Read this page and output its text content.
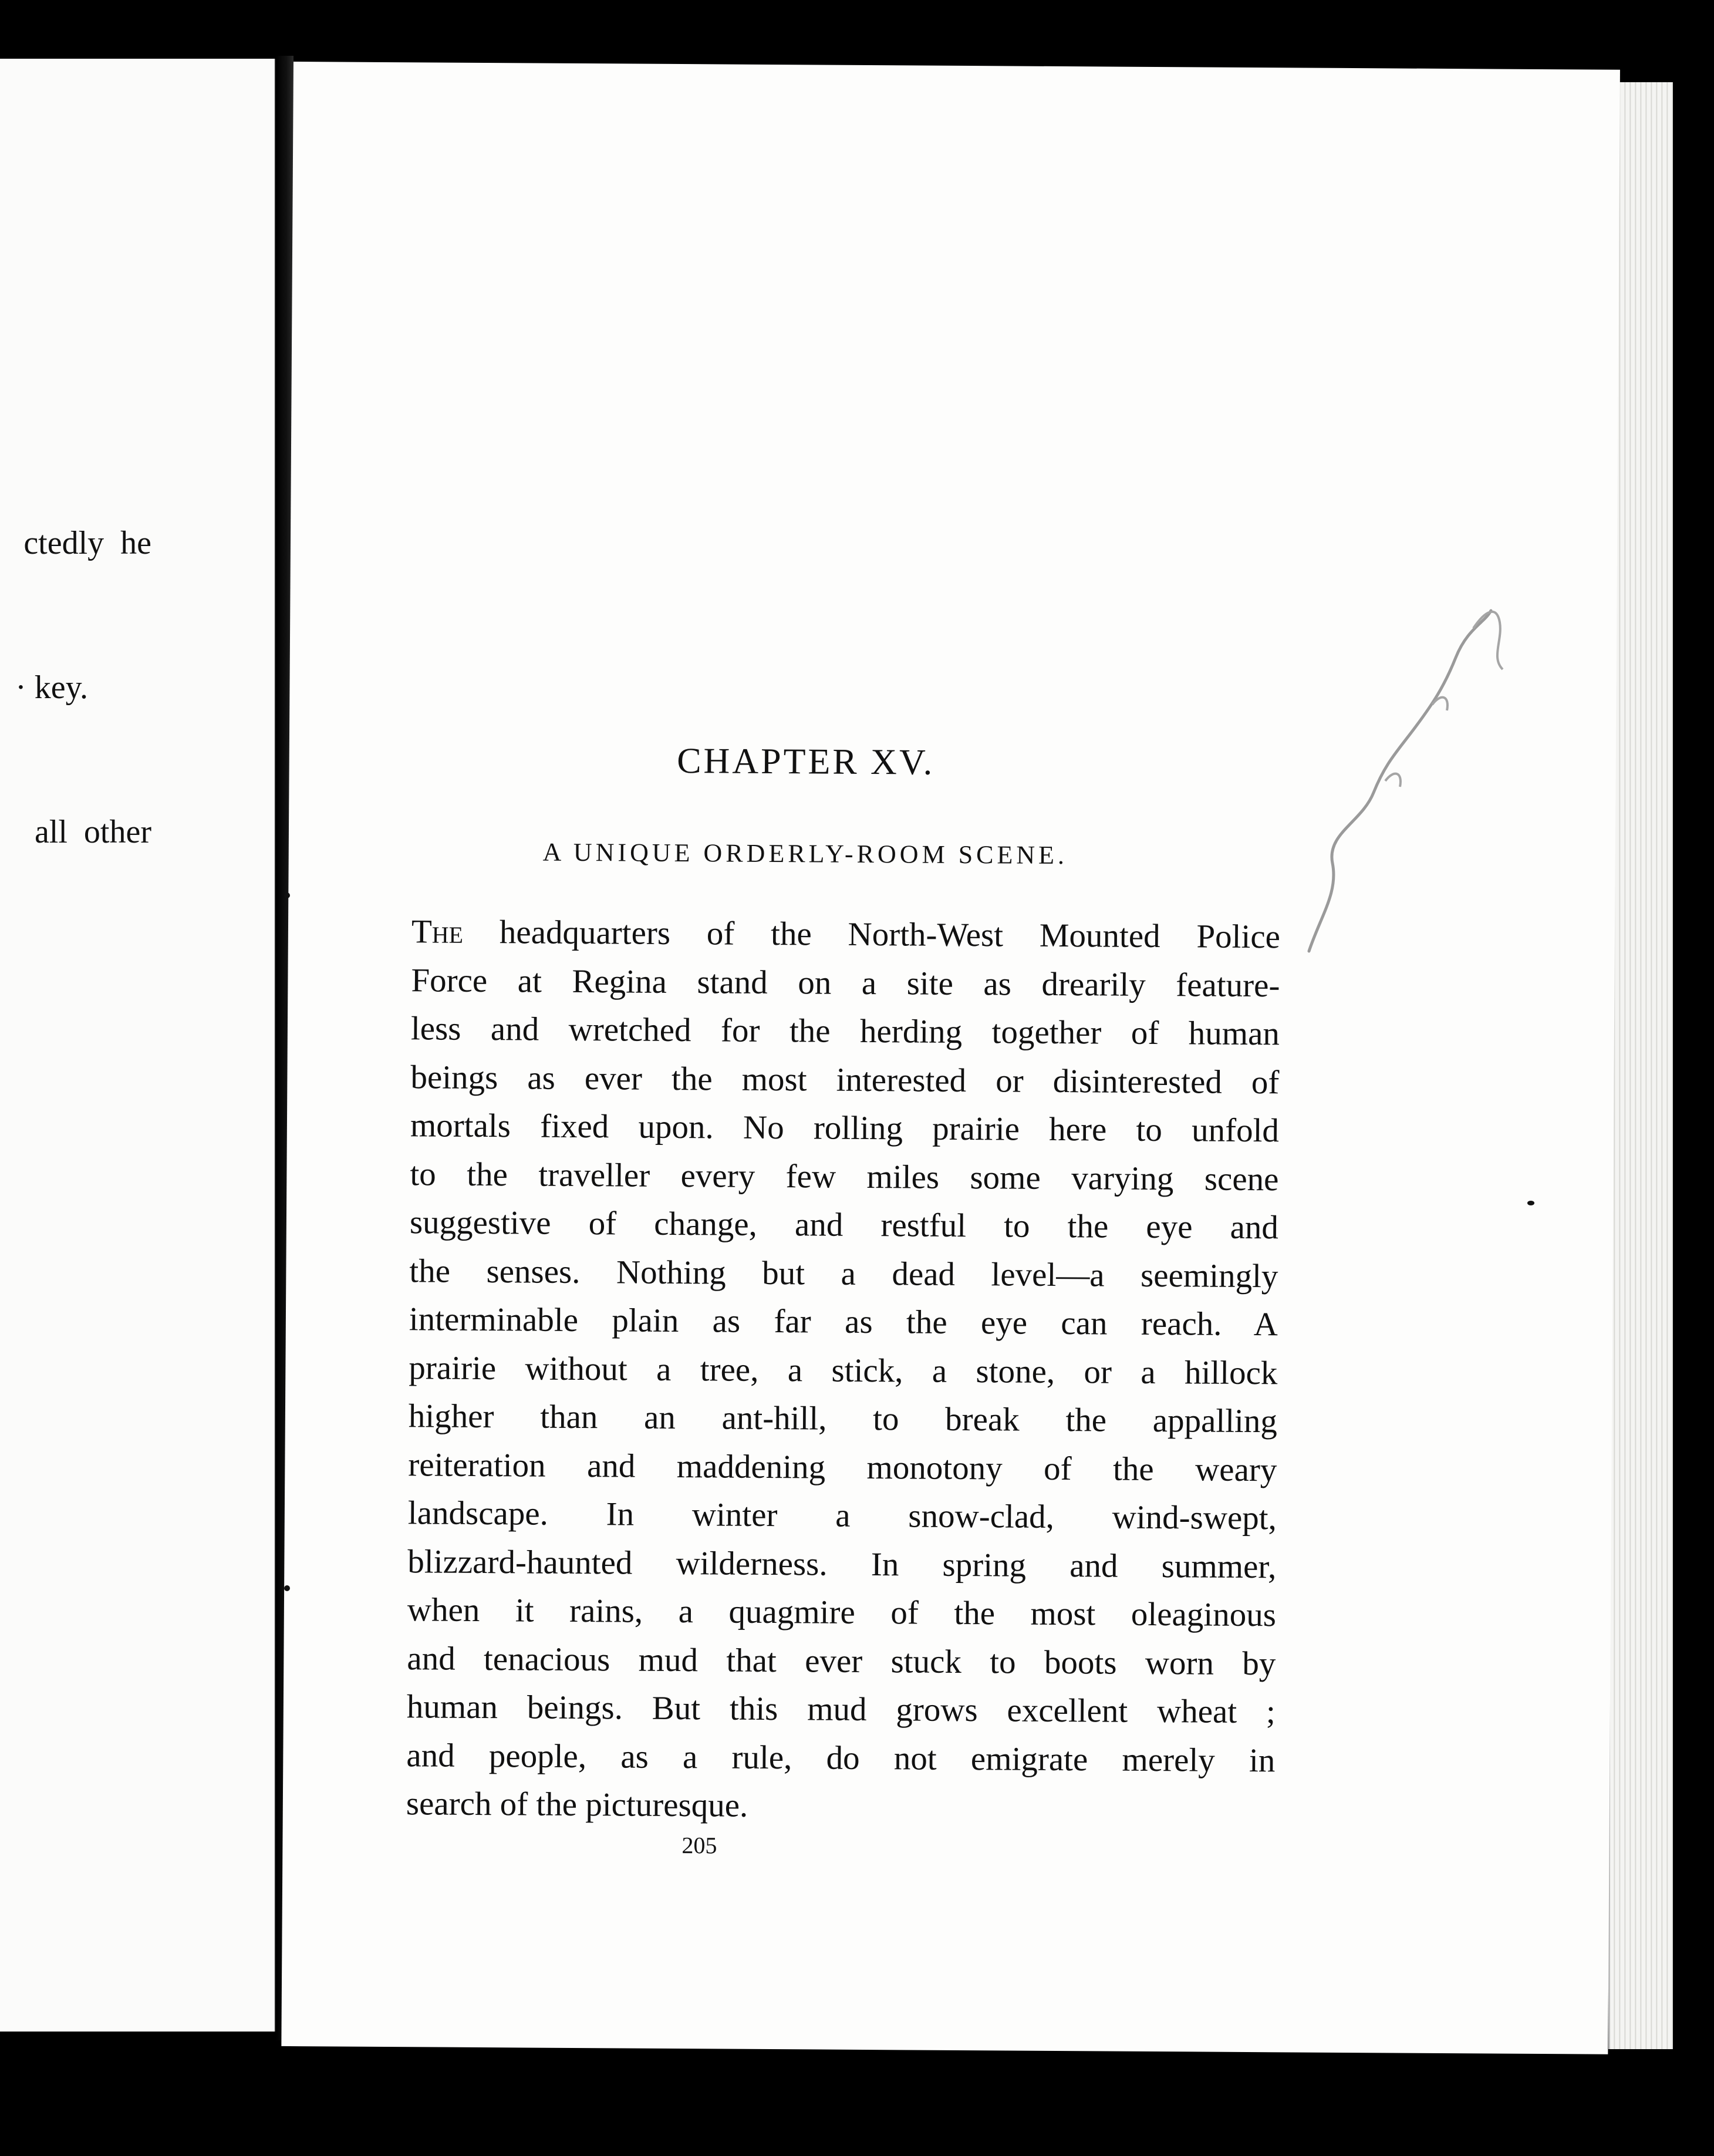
ctedly  he

· key.

all  other

CHAPTER XV.
A UNIQUE ORDERLY-ROOM SCENE.
The headquarters of the North-West Mounted Police
Force at Regina stand on a site as drearily feature-
less and wretched for the herding together of human
beings as ever the most interested or disinterested of
mortals fixed upon. No rolling prairie here to unfold
to the traveller every few miles some varying scene
suggestive of change, and restful to the eye and
the senses. Nothing but a dead level—a seemingly
interminable plain as far as the eye can reach. A
prairie without a tree, a stick, a stone, or a hillock
higher than an ant-hill, to break the appalling
reiteration and maddening monotony of the weary
landscape. In winter a snow-clad, wind-swept,
blizzard-haunted wilderness. In spring and summer,
when it rains, a quagmire of the most oleaginous
and tenacious mud that ever stuck to boots worn by
human beings. But this mud grows excellent wheat ;
and people, as a rule, do not emigrate merely in
search of the picturesque.
205
